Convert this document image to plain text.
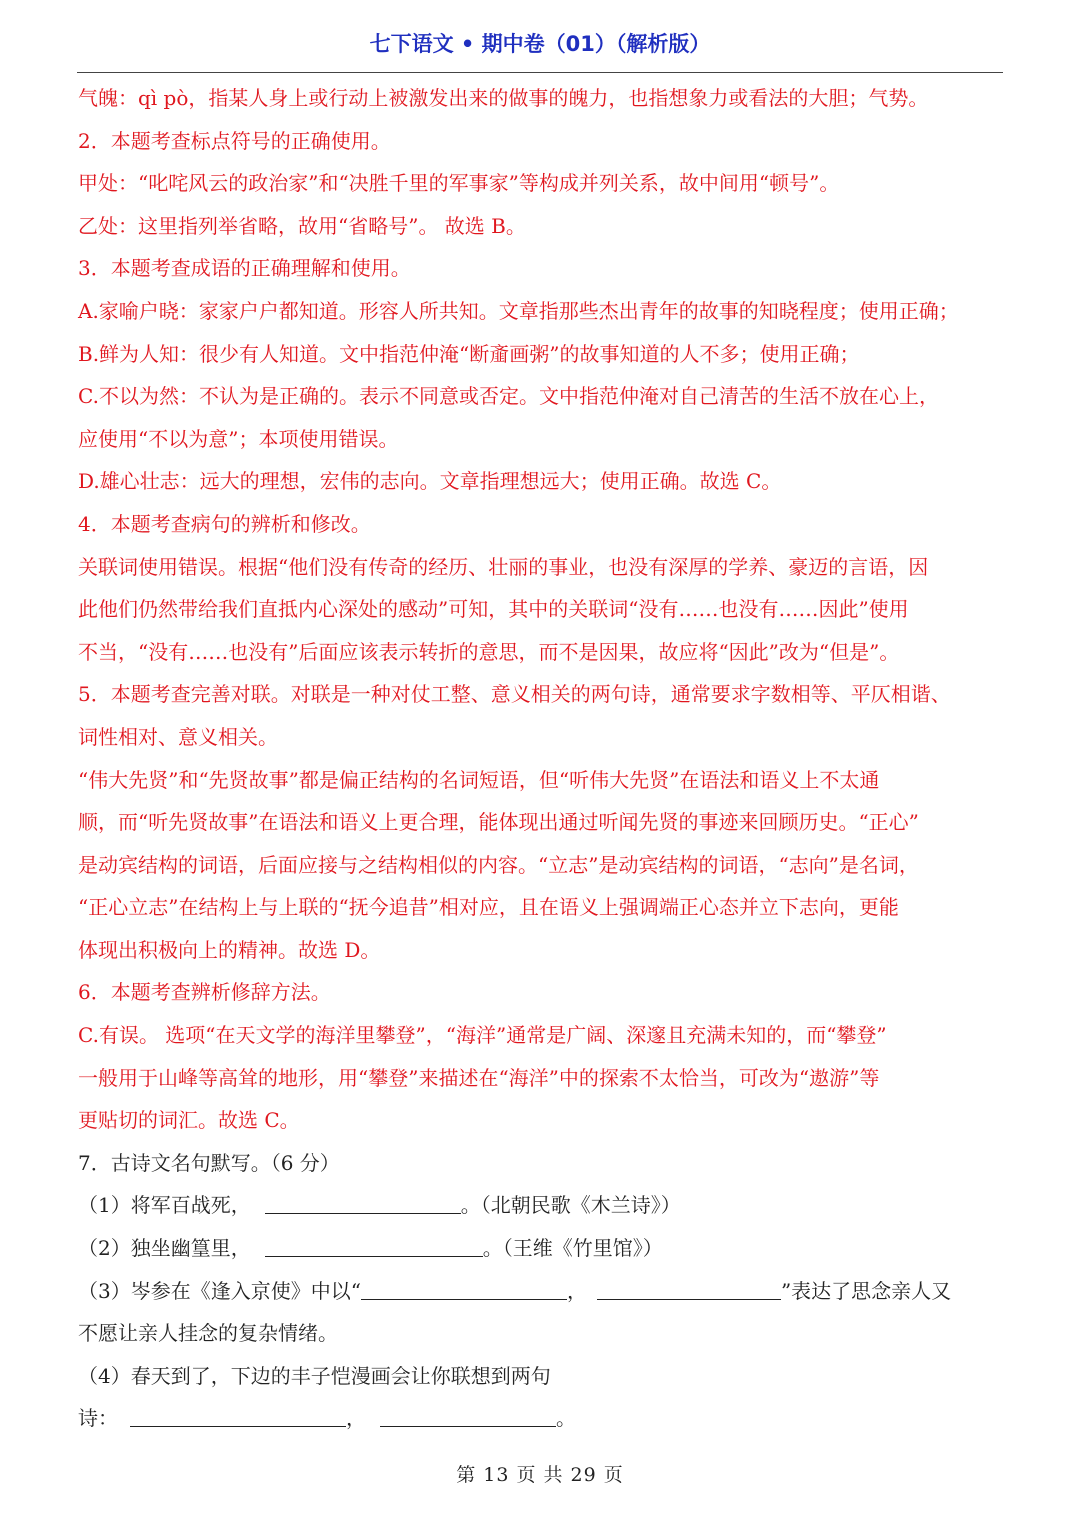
七下语文 • 期中卷（01）（解析版）
气魄：qì pò，指某人身上或行动上被激发出来的做事的魄力，也指想象力或看法的大胆；气势。
2．本题考查标点符号的正确使用。
甲处：“叱咤风云的政治家”和“决胜千里的军事家”等构成并列关系，故中间用“顿号”。
乙处：这里指列举省略，故用“省略号”。 故选 B。
3．本题考查成语的正确理解和使用。
A.家喻户晓：家家户户都知道。形容人所共知。文章指那些杰出青年的故事的知晓程度；使用正确；
B.鲜为人知：很少有人知道。文中指范仲淹“断齑画粥”的故事知道的人不多；使用正确；
C.不以为然：不认为是正确的。表示不同意或否定。文中指范仲淹对自己清苦的生活不放在心上，
应使用“不以为意”；本项使用错误。
D.雄心壮志：远大的理想，宏伟的志向。文章指理想远大；使用正确。故选 C。
4．本题考查病句的辨析和修改。
关联词使用错误。根据“他们没有传奇的经历、壮丽的事业，也没有深厚的学养、豪迈的言语，因
此他们仍然带给我们直抵内心深处的感动”可知，其中的关联词“没有……也没有……因此”使用
不当，“没有……也没有”后面应该表示转折的意思，而不是因果，故应将“因此”改为“但是”。
5．本题考查完善对联。对联是一种对仗工整、意义相关的两句诗，通常要求字数相等、平仄相谐、
词性相对、意义相关。
“伟大先贤”和“先贤故事”都是偏正结构的名词短语，但“听伟大先贤”在语法和语义上不太通
顺，而“听先贤故事”在语法和语义上更合理，能体现出通过听闻先贤的事迹来回顾历史。“正心”
是动宾结构的词语，后面应接与之结构相似的内容。“立志”是动宾结构的词语，“志向”是名词，
“正心立志”在结构上与上联的“抚今追昔”相对应，且在语义上强调端正心态并立下志向，更能
体现出积极向上的精神。故选 D。
6．本题考查辨析修辞方法。
C.有误。 选项“在天文学的海洋里攀登”，“海洋”通常是广阔、深邃且充满未知的，而“攀登”
一般用于山峰等高耸的地形，用“攀登”来描述在“海洋”中的探索不太恰当，可改为“遨游”等
更贴切的词汇。故选 C。
7．古诗文名句默写。（6 分）
（1）将军百战死，	。（北朝民歌《木兰诗》）
（2）独坐幽篁里，	。（王维《竹里馆》）
（3）岑参在《逢入京使》中以“	，	”表达了思念亲人又
不愿让亲人挂念的复杂情绪。
（4）春天到了，下边的丰子恺漫画会让你联想到两句
诗：	，	。
第 13 页 共 29 页
